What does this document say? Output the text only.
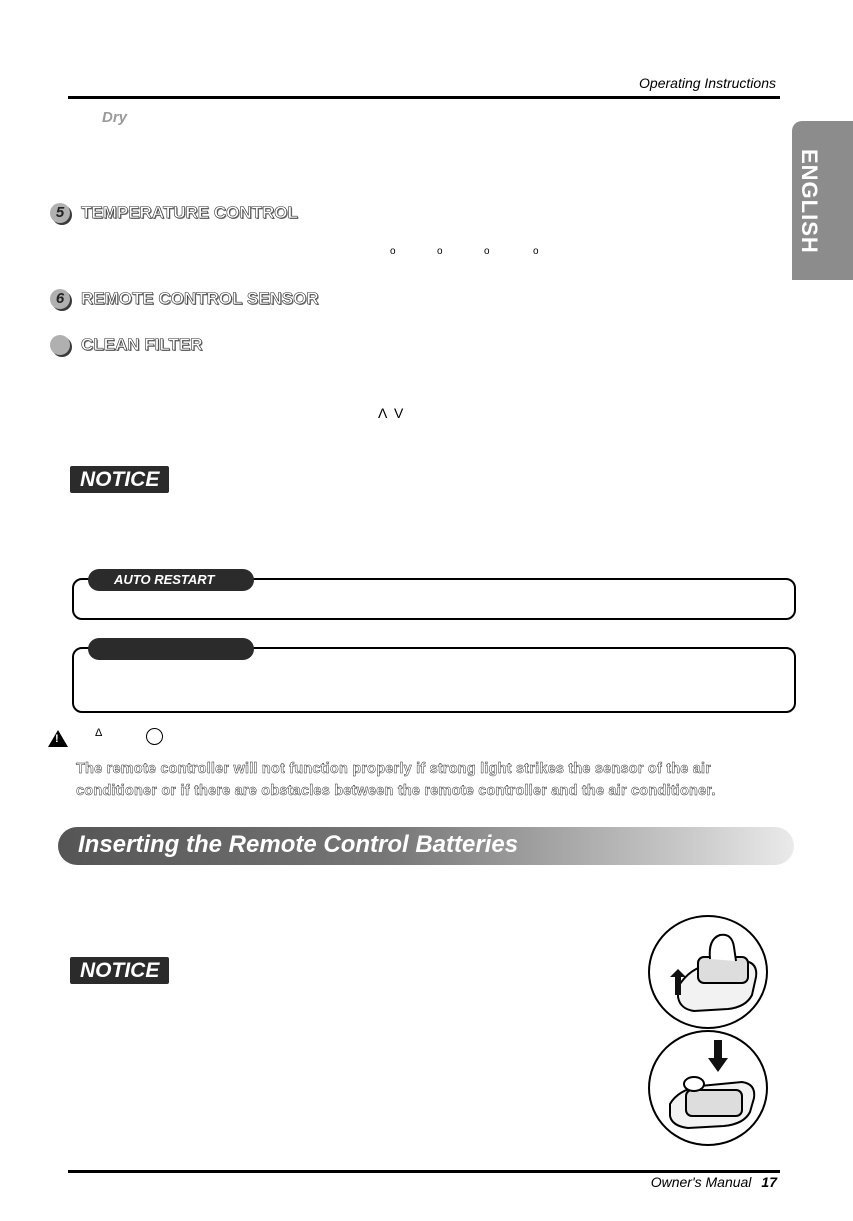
Operating Instructions
Dry
ENGLISH
5 TEMPERATURE CONTROL
o	o	o	o
6 REMOTE CONTROL SENSOR
CLEAN FILTER
Λ V
NOTICE
AUTO RESTART
!	Δ
The remote controller will not function properly if strong light strikes the sensor of the air conditioner or if there are obstacles between the remote controller and the air conditioner.
Inserting the Remote Control Batteries
NOTICE
Owner's Manual 17
